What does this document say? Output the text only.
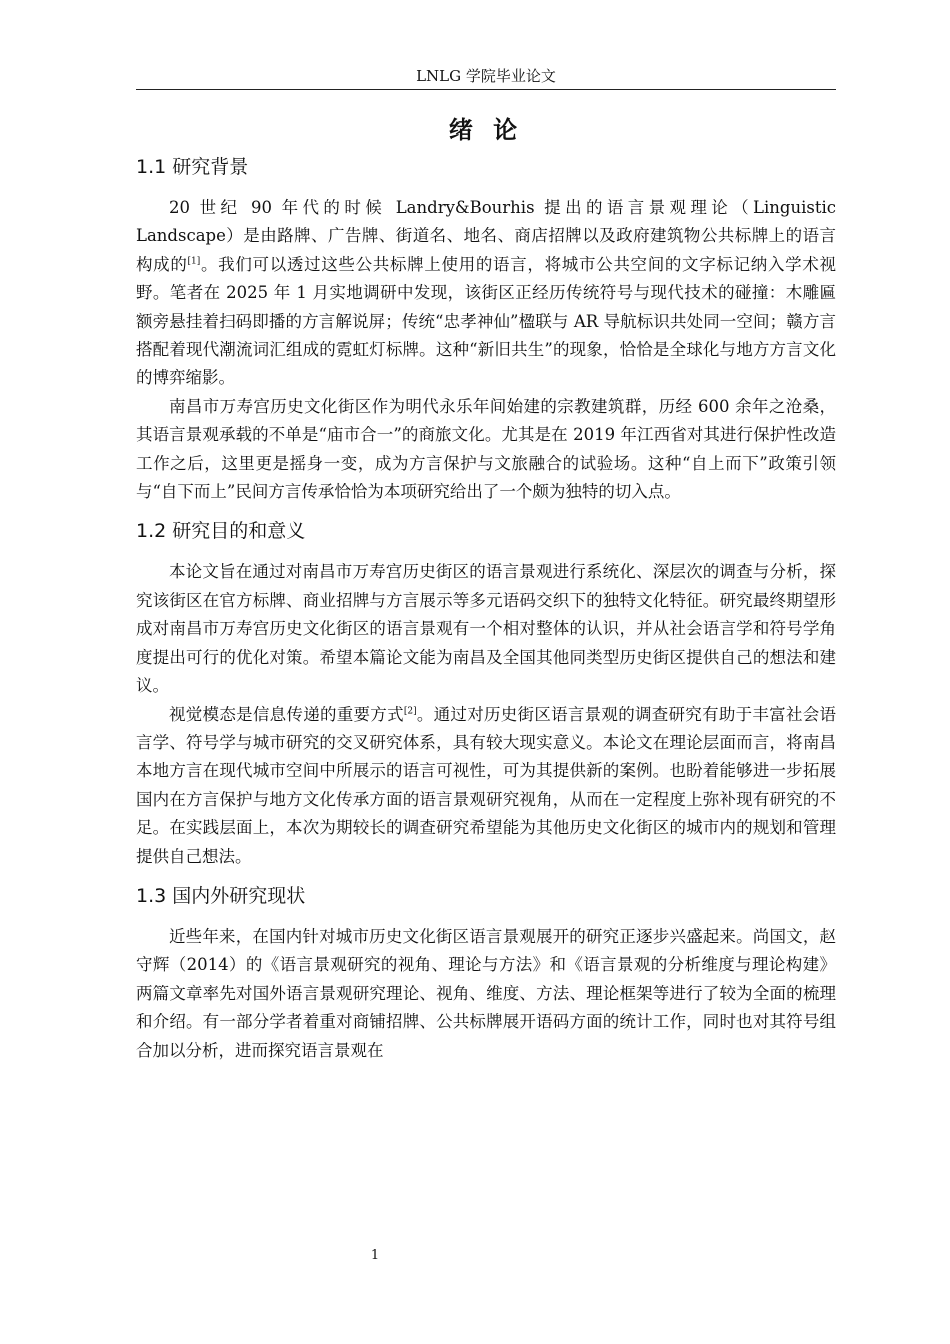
LNLG 学院毕业论文
绪 论
1.1 研究背景

20 世纪 90 年代的时候 Landry&Bourhis 提出的语言景观理论（Linguistic Landscape）是由路牌、广告牌、街道名、地名、商店招牌以及政府建筑物公共标牌上的语言构成的[1]。我们可以透过这些公共标牌上使用的语言，将城市公共空间的文字标记纳入学术视野。笔者在 2025 年 1 月实地调研中发现，该街区正经历传统符号与现代技术的碰撞：木雕匾额旁悬挂着扫码即播的方言解说屏；传统“忠孝神仙”楹联与 AR 导航标识共处同一空间；赣方言搭配着现代潮流词汇组成的霓虹灯标牌。这种“新旧共生”的现象，恰恰是全球化与地方方言文化的博弈缩影。

南昌市万寿宫历史文化街区作为明代永乐年间始建的宗教建筑群，历经 600 余年之沧桑，其语言景观承载的不单是“庙市合一”的商旅文化。尤其是在 2019 年江西省对其进行保护性改造工作之后，这里更是摇身一变，成为方言保护与文旅融合的试验场。这种“自上而下”政策引领与“自下而上”民间方言传承恰恰为本项研究给出了一个颇为独特的切入点。

1.2 研究目的和意义

本论文旨在通过对南昌市万寿宫历史街区的语言景观进行系统化、深层次的调查与分析，探究该街区在官方标牌、商业招牌与方言展示等多元语码交织下的独特文化特征。研究最终期望形成对南昌市万寿宫历史文化街区的语言景观有一个相对整体的认识，并从社会语言学和符号学角度提出可行的优化对策。希望本篇论文能为南昌及全国其他同类型历史街区提供自己的想法和建议。

视觉模态是信息传递的重要方式[2]。通过对历史街区语言景观的调查研究有助于丰富社会语言学、符号学与城市研究的交叉研究体系，具有较大现实意义。本论文在理论层面而言，将南昌本地方言在现代城市空间中所展示的语言可视性，可为其提供新的案例。也盼着能够进一步拓展国内在方言保护与地方文化传承方面的语言景观研究视角，从而在一定程度上弥补现有研究的不足。在实践层面上，本次为期较长的调查研究希望能为其他历史文化街区的城市内的规划和管理提供自己想法。

1.3 国内外研究现状

近些年来，在国内针对城市历史文化街区语言景观展开的研究正逐步兴盛起来。尚国文，赵守辉（2014）的《语言景观研究的视角、理论与方法》和《语言景观的分析维度与理论构建》两篇文章率先对国外语言景观研究理论、视角、维度、方法、理论框架等进行了较为全面的梳理和介绍。有一部分学者着重对商铺招牌、公共标牌展开语码方面的统计工作，同时也对其符号组合加以分析，进而探究语言景观在

1
